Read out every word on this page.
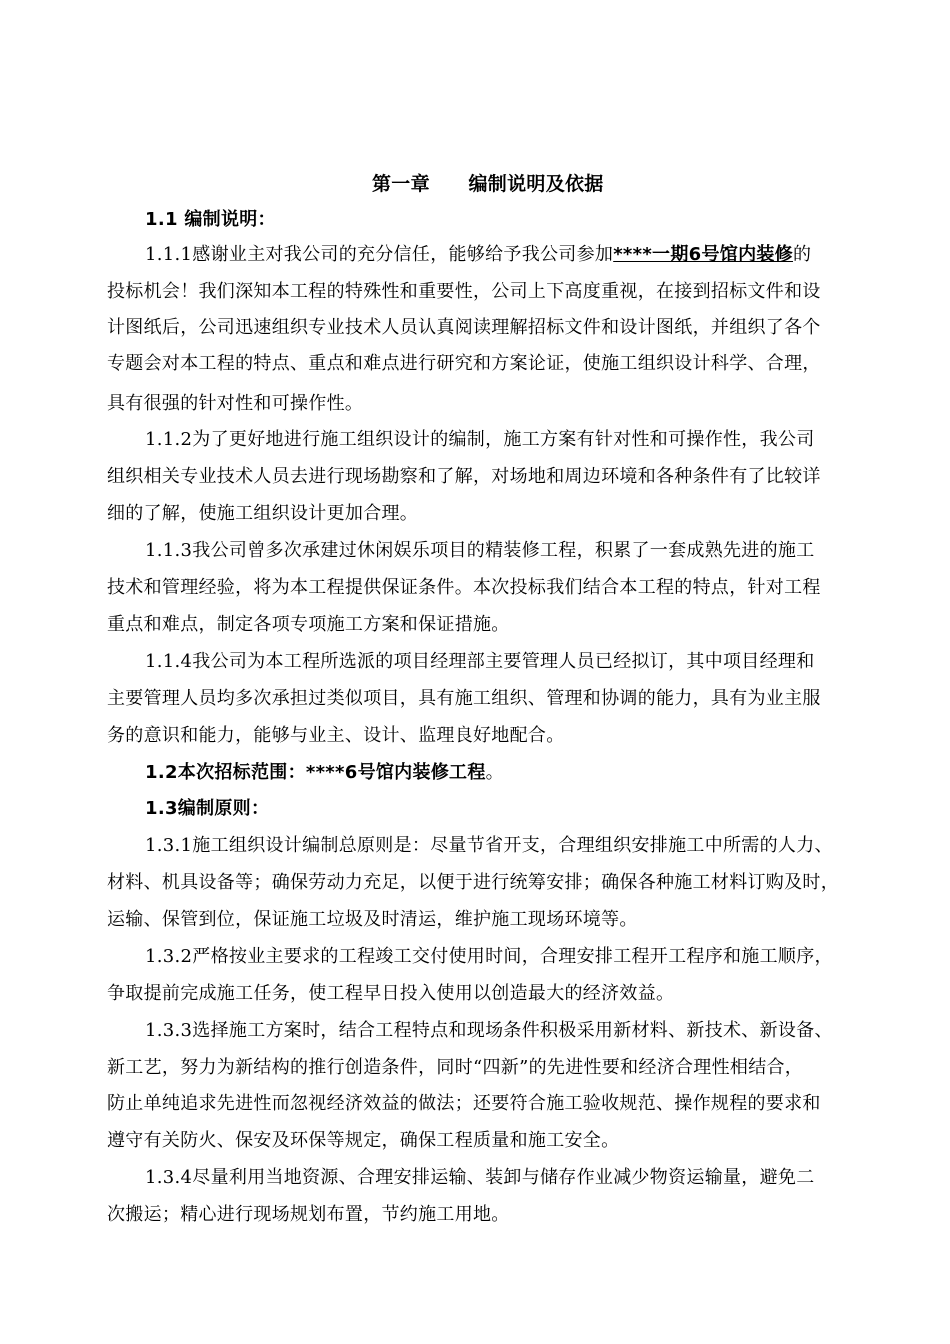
第一章　　编制说明及依据
1.1 编制说明：
1.1.1感谢业主对我公司的充分信任，能够给予我公司参加****一期6号馆内装修的
投标机会！我们深知本工程的特殊性和重要性，公司上下高度重视，在接到招标文件和设
计图纸后，公司迅速组织专业技术人员认真阅读理解招标文件和设计图纸，并组织了各个
专题会对本工程的特点、重点和难点进行研究和方案论证，使施工组织设计科学、合理，
具有很强的针对性和可操作性。
1.1.2为了更好地进行施工组织设计的编制，施工方案有针对性和可操作性，我公司
组织相关专业技术人员去进行现场勘察和了解，对场地和周边环境和各种条件有了比较详
细的了解，使施工组织设计更加合理。
1.1.3我公司曾多次承建过休闲娱乐项目的精装修工程，积累了一套成熟先进的施工
技术和管理经验，将为本工程提供保证条件。本次投标我们结合本工程的特点，针对工程
重点和难点，制定各项专项施工方案和保证措施。
1.1.4我公司为本工程所选派的项目经理部主要管理人员已经拟订，其中项目经理和
主要管理人员均多次承担过类似项目，具有施工组织、管理和协调的能力，具有为业主服
务的意识和能力，能够与业主、设计、监理良好地配合。
1.2本次招标范围：****6号馆内装修工程。
1.3编制原则：
1.3.1施工组织设计编制总原则是：尽量节省开支，合理组织安排施工中所需的人力、
材料、机具设备等；确保劳动力充足，以便于进行统筹安排；确保各种施工材料订购及时，
运输、保管到位，保证施工垃圾及时清运，维护施工现场环境等。
1.3.2严格按业主要求的工程竣工交付使用时间，合理安排工程开工程序和施工顺序，
争取提前完成施工任务，使工程早日投入使用以创造最大的经济效益。
1.3.3选择施工方案时，结合工程特点和现场条件积极采用新材料、新技术、新设备、
新工艺，努力为新结构的推行创造条件，同时“四新”的先进性要和经济合理性相结合，
防止单纯追求先进性而忽视经济效益的做法；还要符合施工验收规范、操作规程的要求和
遵守有关防火、保安及环保等规定，确保工程质量和施工安全。
1.3.4尽量利用当地资源、合理安排运输、装卸与储存作业减少物资运输量，避免二
次搬运；精心进行现场规划布置，节约施工用地。
